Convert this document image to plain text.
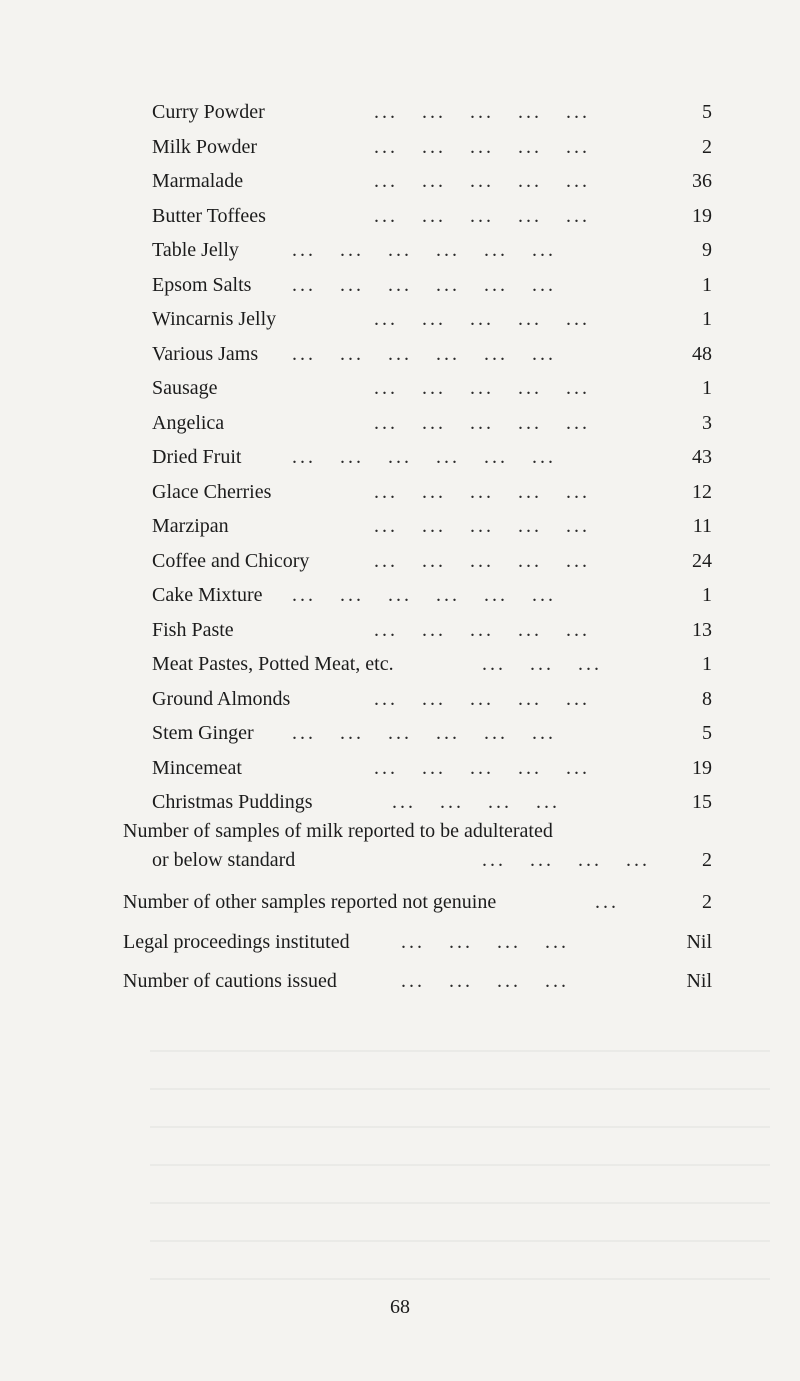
Curry Powder	...   ...   ...   ...   ...	5
Milk Powder	...   ...   ...   ...   ...	2
Marmalade	...   ...   ...   ...   ...	36
Butter Toffees	...   ...   ...   ...   ...	19
Table Jelly	...   ...   ...   ...   ...   ...	9
Epsom Salts ...   ...   ...   ...   ...   ...	1
Wincarnis Jelly	...   ...   ...   ...   ...	1
Various Jams ...   ...   ...   ...   ...   ...	48
Sausage	...   ...   ...   ...   ...	1
Angelica	...   ...   ...   ...   ...	3
Dried Fruit	...   ...   ...   ...   ...   ...	43
Glace Cherries	...   ...   ...   ...   ...	12
Marzipan	...   ...   ...   ...   ...	11
Coffee and Chicory	...   ...   ...   ...   ...	24
Cake Mixture ...   ...   ...   ...   ...   ...	1
Fish Paste	...   ...   ...   ...   ...	13
Meat Pastes, Potted Meat, etc.	...   ...   ...	1
Ground Almonds	...   ...   ...   ...   ...	8
Stem Ginger ...   ...   ...   ...   ...   ...	5
Mincemeat	...   ...   ...   ...   ...	19
Christmas Puddings	...   ...   ...   ...	15
Number of samples of milk reported to be adulterated
or below standard	...   ...   ...   ...	2
Number of other samples reported not genuine	...	2
Legal proceedings instituted	...   ...   ...   ...	Nil
Number of cautions issued	...   ...   ...   ...	Nil
68
